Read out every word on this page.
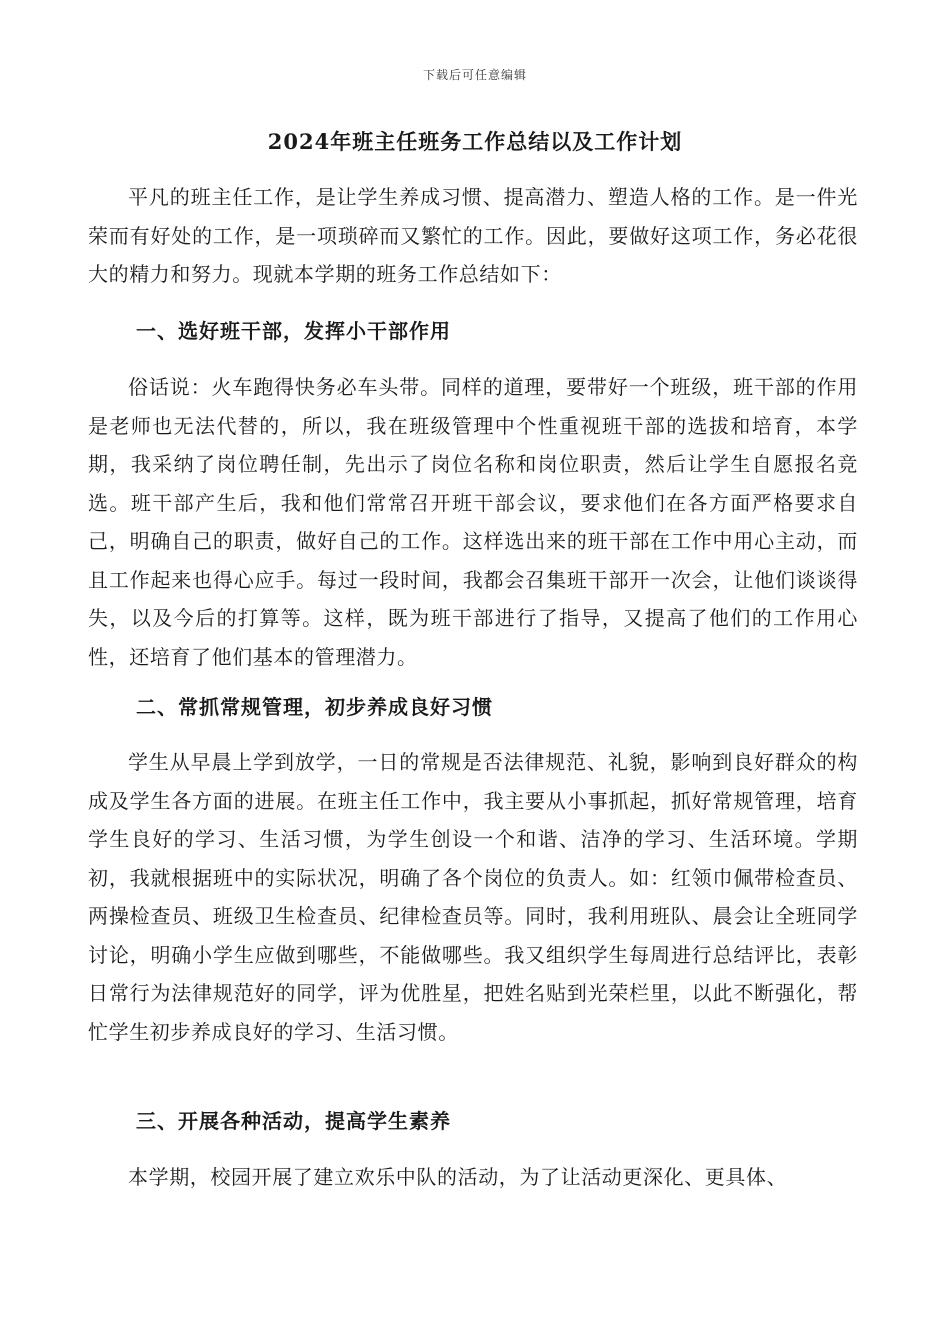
下载后可任意编辑
2024年班主任班务工作总结以及工作计划

平凡的班主任工作，是让学生养成习惯、提高潜力、塑造人格的工作。是一件光荣而有好处的工作，是一项琐碎而又繁忙的工作。因此，要做好这项工作，务必花很大的精力和努力。现就本学期的班务工作总结如下：

一、选好班干部，发挥小干部作用

俗话说：火车跑得快务必车头带。同样的道理，要带好一个班级，班干部的作用是老师也无法代替的，所以，我在班级管理中个性重视班干部的选拔和培育，本学期，我采纳了岗位聘任制，先出示了岗位名称和岗位职责，然后让学生自愿报名竞选。班干部产生后，我和他们常常召开班干部会议，要求他们在各方面严格要求自己，明确自己的职责，做好自己的工作。这样选出来的班干部在工作中用心主动，而且工作起来也得心应手。每过一段时间，我都会召集班干部开一次会，让他们谈谈得失，以及今后的打算等。这样，既为班干部进行了指导，又提高了他们的工作用心性，还培育了他们基本的管理潜力。

二、常抓常规管理，初步养成良好习惯

学生从早晨上学到放学，一日的常规是否法律规范、礼貌，影响到良好群众的构成及学生各方面的进展。在班主任工作中，我主要从小事抓起，抓好常规管理，培育学生良好的学习、生活习惯，为学生创设一个和谐、洁净的学习、生活环境。学期初，我就根据班中的实际状况，明确了各个岗位的负责人。如：红领巾佩带检查员、两操检查员、班级卫生检查员、纪律检查员等。同时，我利用班队、晨会让全班同学讨论，明确小学生应做到哪些，不能做哪些。我又组织学生每周进行总结评比，表彰日常行为法律规范好的同学，评为优胜星，把姓名贴到光荣栏里，以此不断强化，帮忙学生初步养成良好的学习、生活习惯。

三、开展各种活动，提高学生素养

本学期，校园开展了建立欢乐中队的活动，为了让活动更深化、更具体、
